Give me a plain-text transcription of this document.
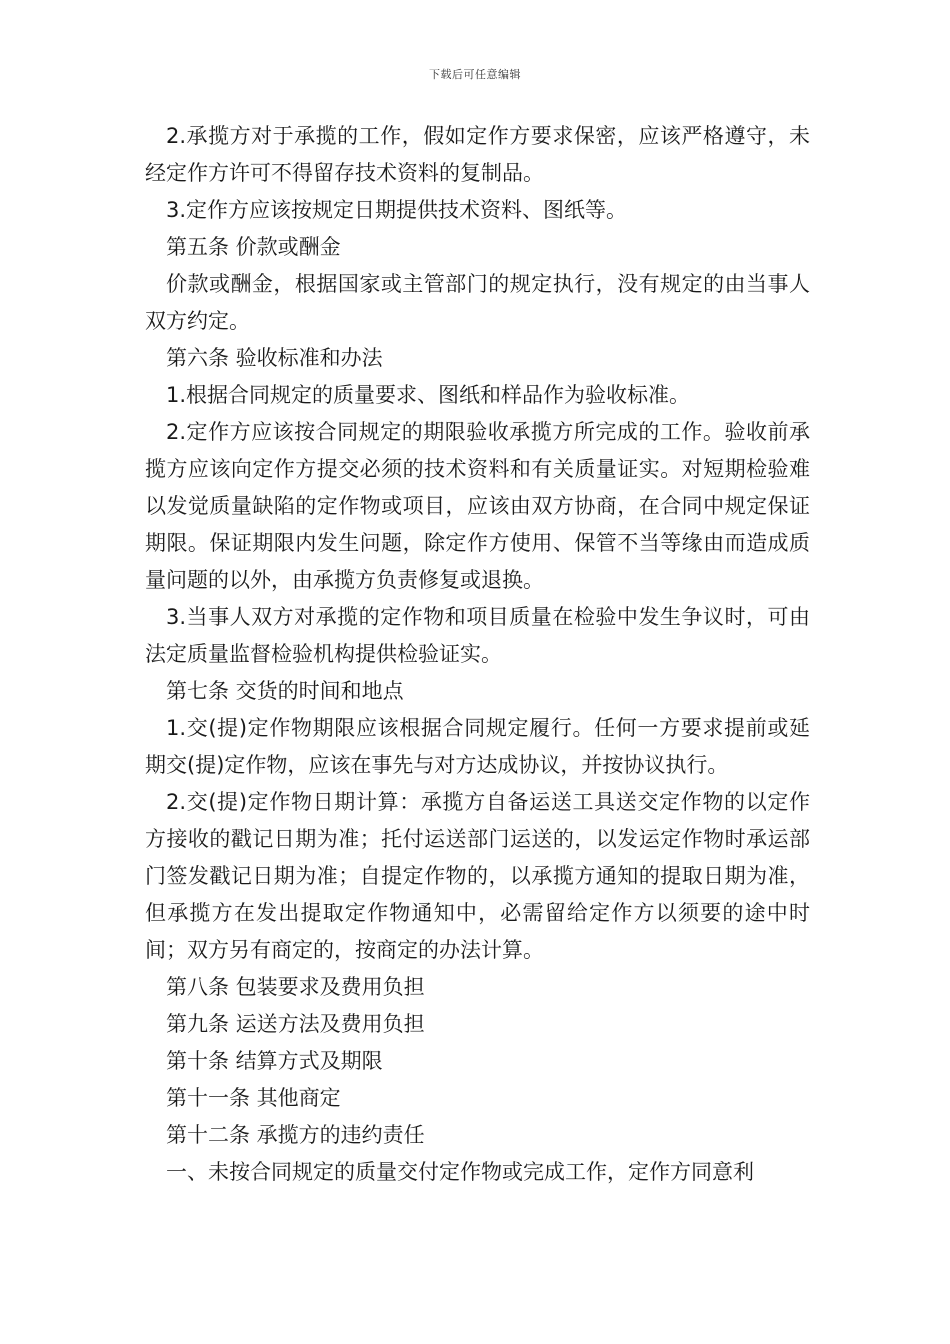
下载后可任意编辑

2.承揽方对于承揽的工作，假如定作方要求保密，应该严格遵守，未经定作方许可不得留存技术资料的复制品。

3.定作方应该按规定日期提供技术资料、图纸等。

第五条 价款或酬金

价款或酬金，根据国家或主管部门的规定执行，没有规定的由当事人双方约定。

第六条 验收标准和办法

1.根据合同规定的质量要求、图纸和样品作为验收标准。

2.定作方应该按合同规定的期限验收承揽方所完成的工作。验收前承揽方应该向定作方提交必须的技术资料和有关质量证实。对短期检验难以发觉质量缺陷的定作物或项目，应该由双方协商，在合同中规定保证期限。保证期限内发生问题，除定作方使用、保管不当等缘由而造成质量问题的以外，由承揽方负责修复或退换。

3.当事人双方对承揽的定作物和项目质量在检验中发生争议时，可由法定质量监督检验机构提供检验证实。

第七条 交货的时间和地点

1.交(提)定作物期限应该根据合同规定履行。任何一方要求提前或延期交(提)定作物，应该在事先与对方达成协议，并按协议执行。

2.交(提)定作物日期计算：承揽方自备运送工具送交定作物的以定作方接收的戳记日期为准；托付运送部门运送的，以发运定作物时承运部门签发戳记日期为准；自提定作物的，以承揽方通知的提取日期为准，但承揽方在发出提取定作物通知中，必需留给定作方以须要的途中时间；双方另有商定的，按商定的办法计算。

第八条 包装要求及费用负担

第九条 运送方法及费用负担

第十条 结算方式及期限

第十一条 其他商定

第十二条 承揽方的违约责任

一、未按合同规定的质量交付定作物或完成工作，定作方同意利
